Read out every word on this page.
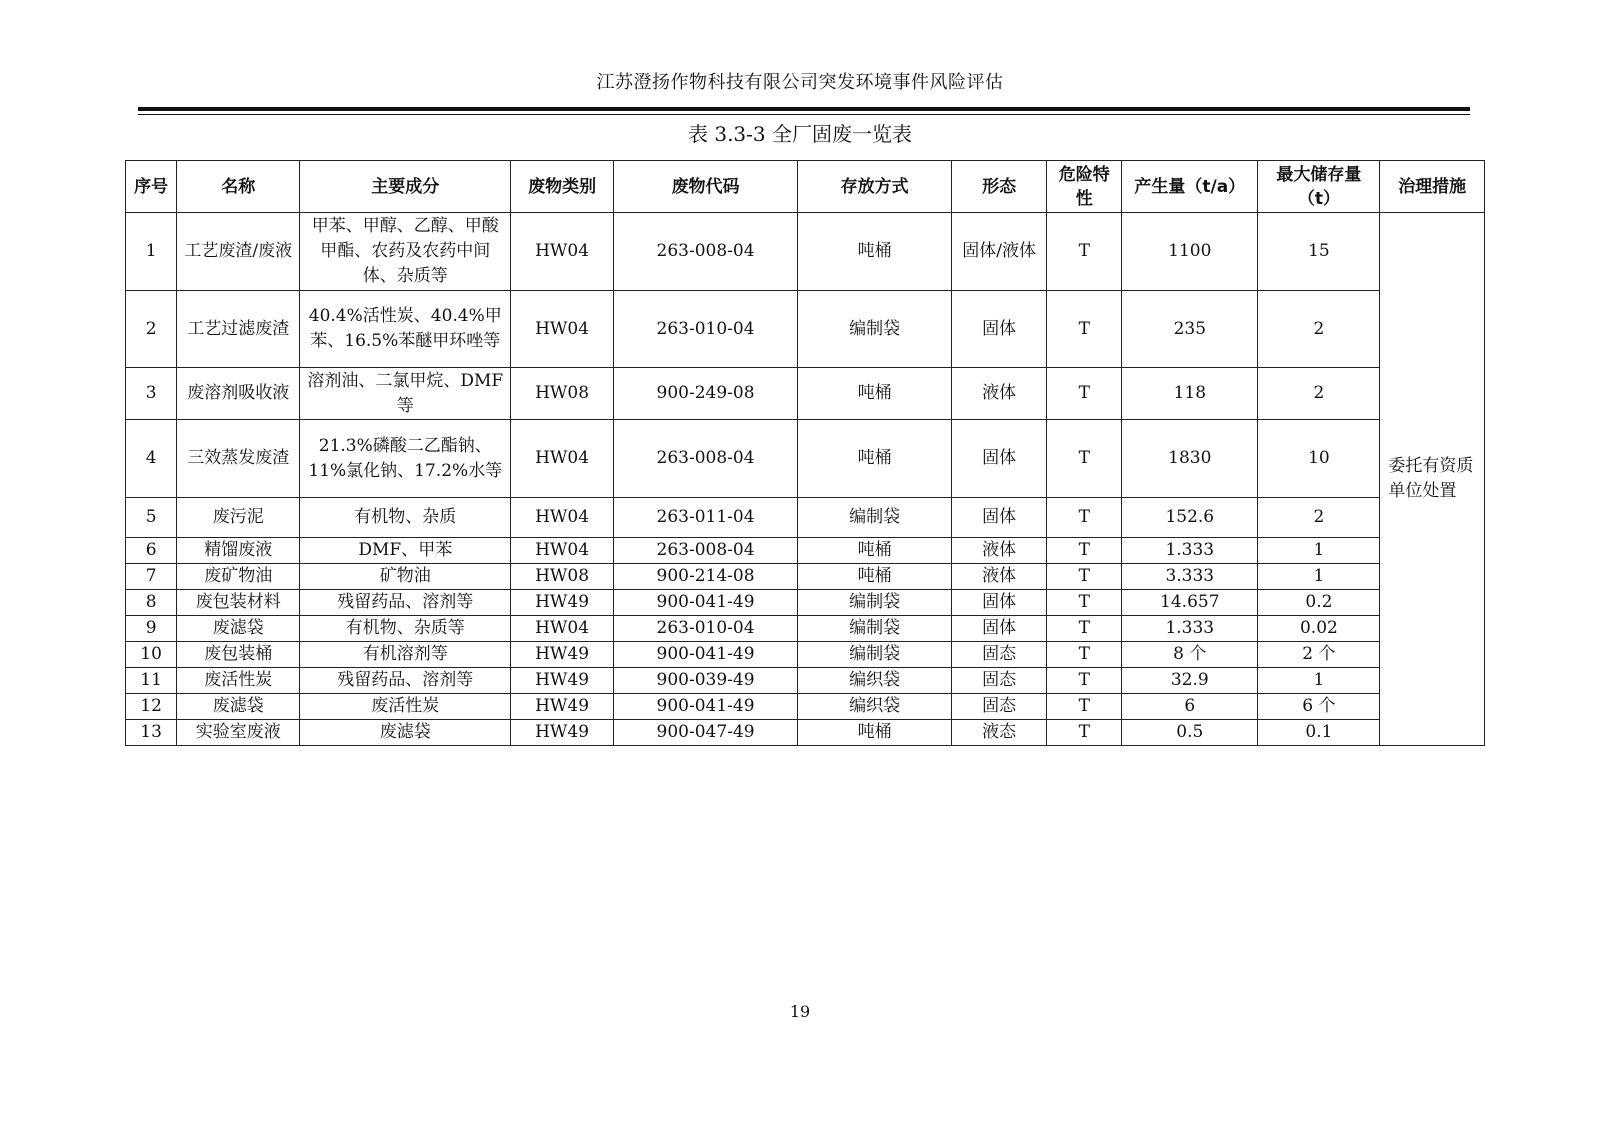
江苏澄扬作物科技有限公司突发环境事件风险评估
表 3.3-3 全厂固废一览表
序号	名称	主要成分	废物类别	废物代码	存放方式	形态	危险特性	产生量（t/a）	最大储存量（t）	治理措施
1	工艺废渣/废液	甲苯、甲醇、乙醇、甲酸甲酯、农药及农药中间体、杂质等	HW04	263-008-04	吨桶	固体/液体	T	1100	15	委托有资质单位处置
2	工艺过滤废渣	40.4%活性炭、40.4%甲苯、16.5%苯醚甲环唑等	HW04	263-010-04	编制袋	固体	T	235	2	
3	废溶剂吸收液	溶剂油、二氯甲烷、DMF 等	HW08	900-249-08	吨桶	液体	T	118	2	
4	三效蒸发废渣	21.3%磷酸二乙酯钠、11%氯化钠、17.2%水等	HW04	263-008-04	吨桶	固体	T	1830	10	
5	废污泥	有机物、杂质	HW04	263-011-04	编制袋	固体	T	152.6	2	
6	精馏废液	DMF、甲苯	HW04	263-008-04	吨桶	液体	T	1.333	1	
7	废矿物油	矿物油	HW08	900-214-08	吨桶	液体	T	3.333	1	
8	废包装材料	残留药品、溶剂等	HW49	900-041-49	编制袋	固体	T	14.657	0.2	
9	废滤袋	有机物、杂质等	HW04	263-010-04	编制袋	固体	T	1.333	0.02	
10	废包装桶	有机溶剂等	HW49	900-041-49	编制袋	固态	T	8 个	2 个	
11	废活性炭	残留药品、溶剂等	HW49	900-039-49	编织袋	固态	T	32.9	1	
12	废滤袋	废活性炭	HW49	900-041-49	编织袋	固态	T	6	6 个	
13	实验室废液	废滤袋	HW49	900-047-49	吨桶	液态	T	0.5	0.1	
19
